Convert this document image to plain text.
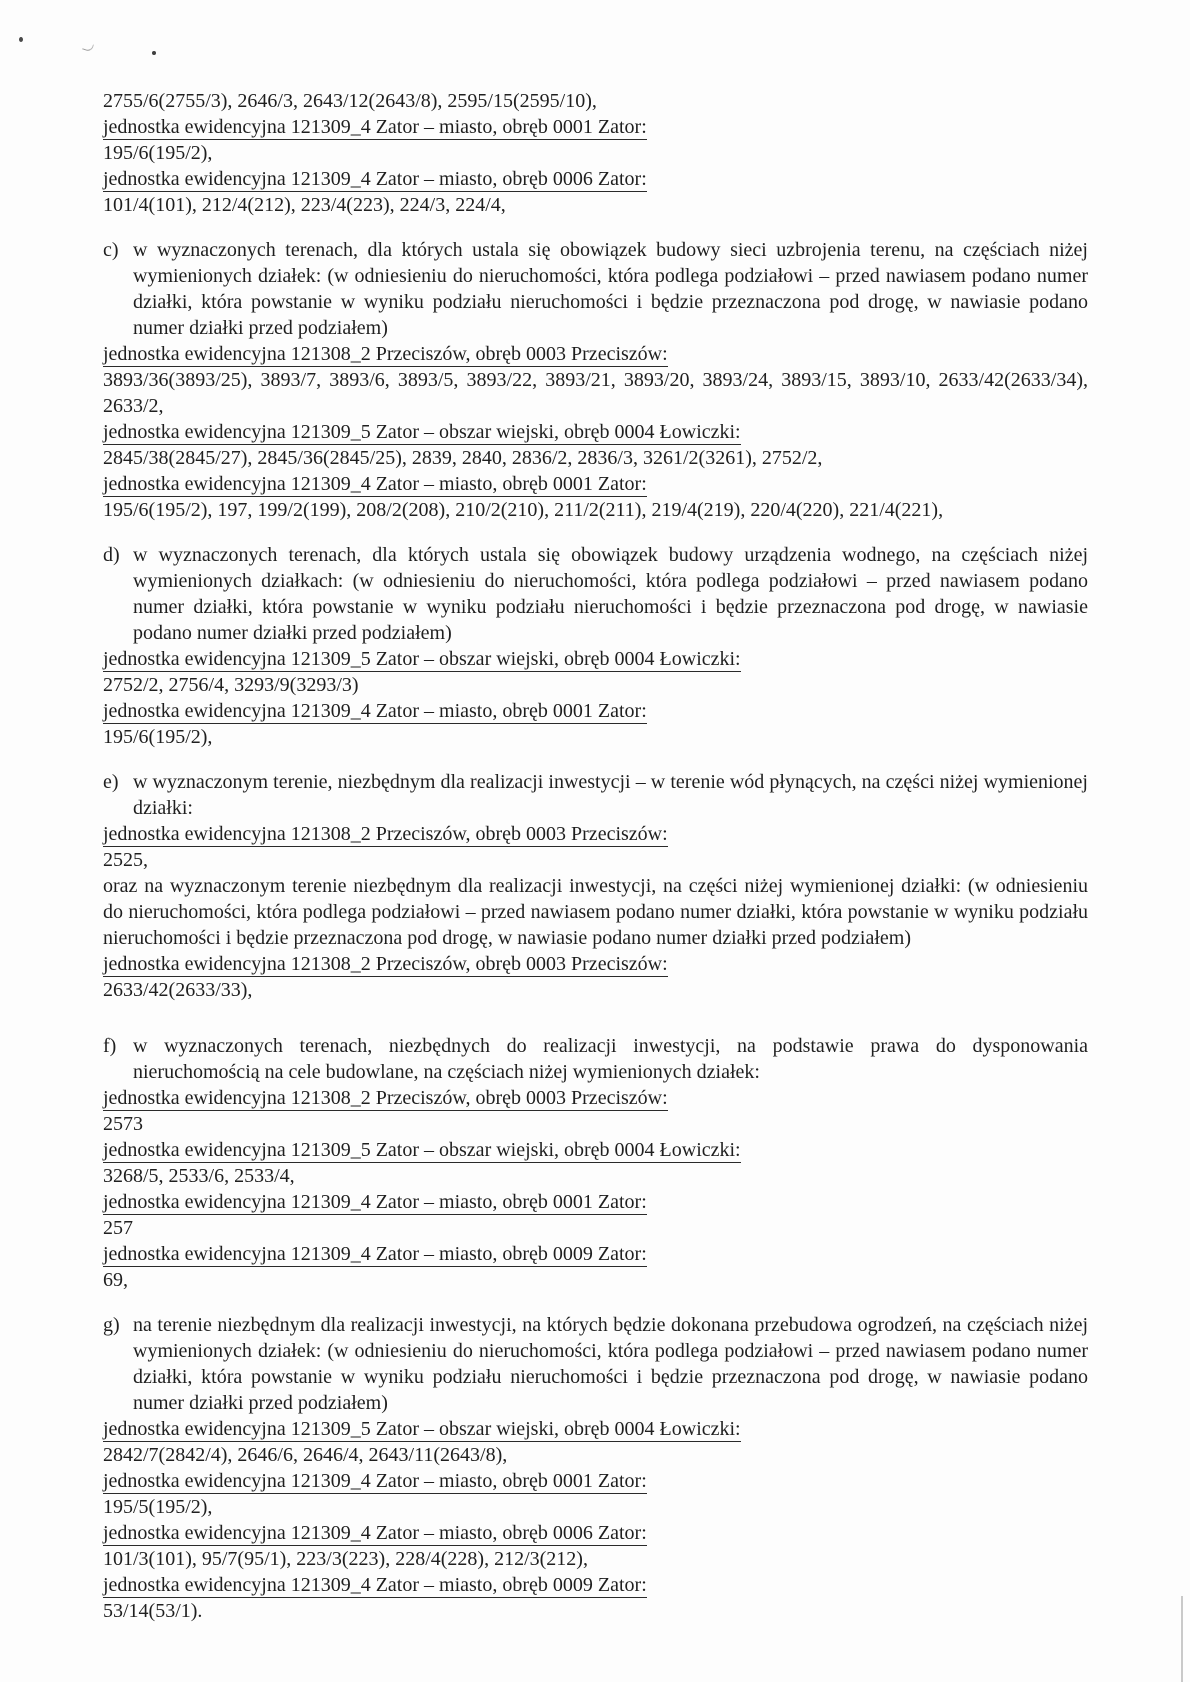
2755/6(2755/3), 2646/3, 2643/12(2643/8), 2595/15(2595/10),
jednostka ewidencyjna 121309_4 Zator – miasto, obręb 0001 Zator:
195/6(195/2),
jednostka ewidencyjna 121309_4 Zator – miasto, obręb 0006 Zator:
101/4(101), 212/4(212), 223/4(223), 224/3, 224/4,
c) w wyznaczonych terenach, dla których ustala się obowiązek budowy sieci uzbrojenia terenu, na częściach niżej wymienionych działek: (w odniesieniu do nieruchomości, która podlega podziałowi – przed nawiasem podano numer działki, która powstanie w wyniku podziału nieruchomości i będzie przeznaczona pod drogę, w nawiasie podano numer działki przed podziałem)
jednostka ewidencyjna 121308_2 Przeciszów, obręb 0003 Przeciszów:
3893/36(3893/25), 3893/7, 3893/6, 3893/5, 3893/22, 3893/21, 3893/20, 3893/24, 3893/15, 3893/10, 2633/42(2633/34), 2633/2,
jednostka ewidencyjna 121309_5 Zator – obszar wiejski, obręb 0004 Łowiczki:
2845/38(2845/27), 2845/36(2845/25), 2839, 2840, 2836/2, 2836/3, 3261/2(3261), 2752/2,
jednostka ewidencyjna 121309_4 Zator – miasto, obręb 0001 Zator:
195/6(195/2), 197, 199/2(199), 208/2(208), 210/2(210), 211/2(211), 219/4(219), 220/4(220), 221/4(221),
d) w wyznaczonych terenach, dla których ustala się obowiązek budowy urządzenia wodnego, na częściach niżej wymienionych działkach: (w odniesieniu do nieruchomości, która podlega podziałowi – przed nawiasem podano numer działki, która powstanie w wyniku podziału nieruchomości i będzie przeznaczona pod drogę, w nawiasie podano numer działki przed podziałem)
jednostka ewidencyjna 121309_5 Zator – obszar wiejski, obręb 0004 Łowiczki:
2752/2, 2756/4, 3293/9(3293/3)
jednostka ewidencyjna 121309_4 Zator – miasto, obręb 0001 Zator:
195/6(195/2),
e) w wyznaczonym terenie, niezbędnym dla realizacji inwestycji – w terenie wód płynących, na części niżej wymienionej działki:
jednostka ewidencyjna 121308_2 Przeciszów, obręb 0003 Przeciszów:
2525,
oraz na wyznaczonym terenie niezbędnym dla realizacji inwestycji, na części niżej wymienionej działki: (w odniesieniu do nieruchomości, która podlega podziałowi – przed nawiasem podano numer działki, która powstanie w wyniku podziału nieruchomości i będzie przeznaczona pod drogę, w nawiasie podano numer działki przed podziałem)
jednostka ewidencyjna 121308_2 Przeciszów, obręb 0003 Przeciszów:
2633/42(2633/33),
f) w wyznaczonych terenach, niezbędnych do realizacji inwestycji, na podstawie prawa do dysponowania nieruchomością na cele budowlane, na częściach niżej wymienionych działek:
jednostka ewidencyjna 121308_2 Przeciszów, obręb 0003 Przeciszów:
2573
jednostka ewidencyjna 121309_5 Zator – obszar wiejski, obręb 0004 Łowiczki:
3268/5, 2533/6, 2533/4,
jednostka ewidencyjna 121309_4 Zator – miasto, obręb 0001 Zator:
257
jednostka ewidencyjna 121309_4 Zator – miasto, obręb 0009 Zator:
69,
g) na terenie niezbędnym dla realizacji inwestycji, na których będzie dokonana przebudowa ogrodzeń, na częściach niżej wymienionych działek: (w odniesieniu do nieruchomości, która podlega podziałowi – przed nawiasem podano numer działki, która powstanie w wyniku podziału nieruchomości i będzie przeznaczona pod drogę, w nawiasie podano numer działki przed podziałem)
jednostka ewidencyjna 121309_5 Zator – obszar wiejski, obręb 0004 Łowiczki:
2842/7(2842/4), 2646/6, 2646/4, 2643/11(2643/8),
jednostka ewidencyjna 121309_4 Zator – miasto, obręb 0001 Zator:
195/5(195/2),
jednostka ewidencyjna 121309_4 Zator – miasto, obręb 0006 Zator:
101/3(101), 95/7(95/1), 223/3(223), 228/4(228), 212/3(212),
jednostka ewidencyjna 121309_4 Zator – miasto, obręb 0009 Zator:
53/14(53/1).
